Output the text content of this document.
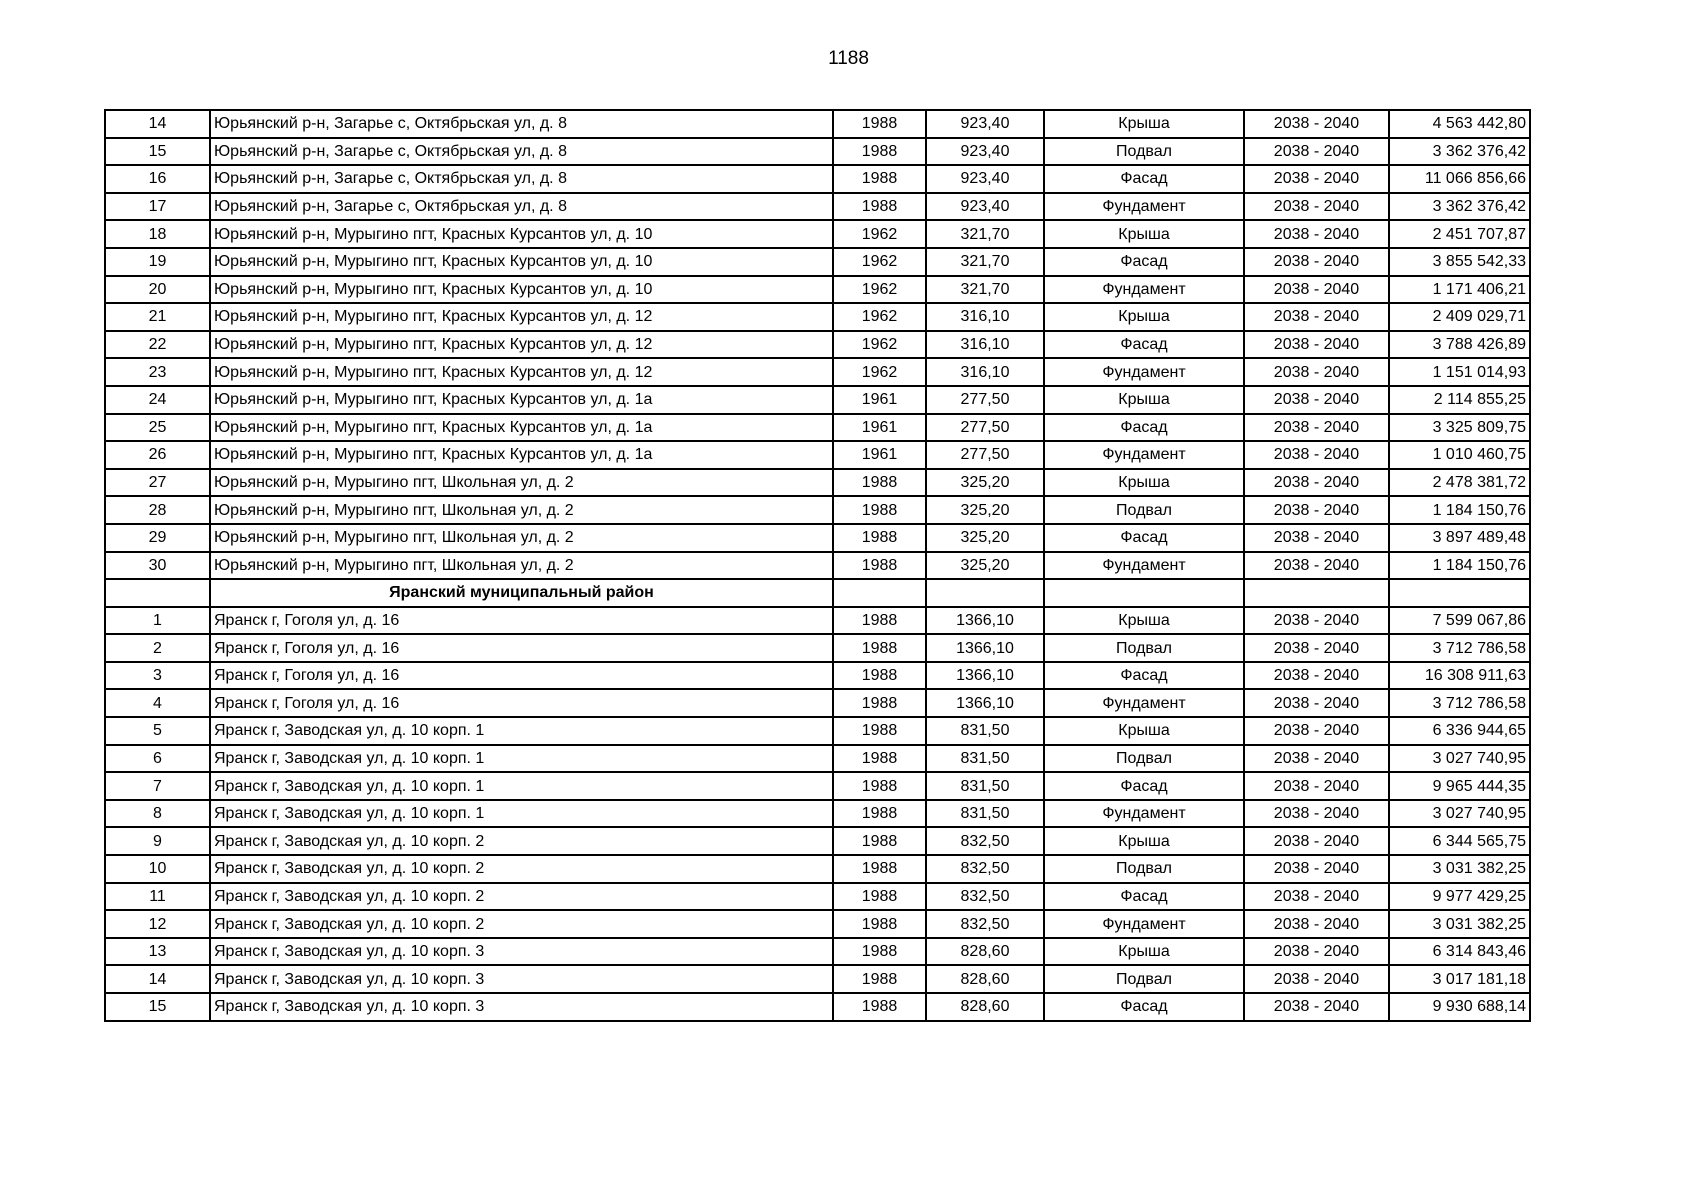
1188
14	Юрьянский р-н, Загарье с, Октябрьская ул, д. 8	1988	923,40	Крыша	2038 - 2040	4 563 442,80
15	Юрьянский р-н, Загарье с, Октябрьская ул, д. 8	1988	923,40	Подвал	2038 - 2040	3 362 376,42
16	Юрьянский р-н, Загарье с, Октябрьская ул, д. 8	1988	923,40	Фасад	2038 - 2040	11 066 856,66
17	Юрьянский р-н, Загарье с, Октябрьская ул, д. 8	1988	923,40	Фундамент	2038 - 2040	3 362 376,42
18	Юрьянский р-н, Мурыгино пгт, Красных Курсантов ул, д. 10	1962	321,70	Крыша	2038 - 2040	2 451 707,87
19	Юрьянский р-н, Мурыгино пгт, Красных Курсантов ул, д. 10	1962	321,70	Фасад	2038 - 2040	3 855 542,33
20	Юрьянский р-н, Мурыгино пгт, Красных Курсантов ул, д. 10	1962	321,70	Фундамент	2038 - 2040	1 171 406,21
21	Юрьянский р-н, Мурыгино пгт, Красных Курсантов ул, д. 12	1962	316,10	Крыша	2038 - 2040	2 409 029,71
22	Юрьянский р-н, Мурыгино пгт, Красных Курсантов ул, д. 12	1962	316,10	Фасад	2038 - 2040	3 788 426,89
23	Юрьянский р-н, Мурыгино пгт, Красных Курсантов ул, д. 12	1962	316,10	Фундамент	2038 - 2040	1 151 014,93
24	Юрьянский р-н, Мурыгино пгт, Красных Курсантов ул, д. 1а	1961	277,50	Крыша	2038 - 2040	2 114 855,25
25	Юрьянский р-н, Мурыгино пгт, Красных Курсантов ул, д. 1а	1961	277,50	Фасад	2038 - 2040	3 325 809,75
26	Юрьянский р-н, Мурыгино пгт, Красных Курсантов ул, д. 1а	1961	277,50	Фундамент	2038 - 2040	1 010 460,75
27	Юрьянский р-н, Мурыгино пгт, Школьная ул, д. 2	1988	325,20	Крыша	2038 - 2040	2 478 381,72
28	Юрьянский р-н, Мурыгино пгт, Школьная ул, д. 2	1988	325,20	Подвал	2038 - 2040	1 184 150,76
29	Юрьянский р-н, Мурыгино пгт, Школьная ул, д. 2	1988	325,20	Фасад	2038 - 2040	3 897 489,48
30	Юрьянский р-н, Мурыгино пгт, Школьная ул, д. 2	1988	325,20	Фундамент	2038 - 2040	1 184 150,76
	Яранский муниципальный район					
1	Яранск г, Гоголя ул, д. 16	1988	1366,10	Крыша	2038 - 2040	7 599 067,86
2	Яранск г, Гоголя ул, д. 16	1988	1366,10	Подвал	2038 - 2040	3 712 786,58
3	Яранск г, Гоголя ул, д. 16	1988	1366,10	Фасад	2038 - 2040	16 308 911,63
4	Яранск г, Гоголя ул, д. 16	1988	1366,10	Фундамент	2038 - 2040	3 712 786,58
5	Яранск г, Заводская ул, д. 10 корп. 1	1988	831,50	Крыша	2038 - 2040	6 336 944,65
6	Яранск г, Заводская ул, д. 10 корп. 1	1988	831,50	Подвал	2038 - 2040	3 027 740,95
7	Яранск г, Заводская ул, д. 10 корп. 1	1988	831,50	Фасад	2038 - 2040	9 965 444,35
8	Яранск г, Заводская ул, д. 10 корп. 1	1988	831,50	Фундамент	2038 - 2040	3 027 740,95
9	Яранск г, Заводская ул, д. 10 корп. 2	1988	832,50	Крыша	2038 - 2040	6 344 565,75
10	Яранск г, Заводская ул, д. 10 корп. 2	1988	832,50	Подвал	2038 - 2040	3 031 382,25
11	Яранск г, Заводская ул, д. 10 корп. 2	1988	832,50	Фасад	2038 - 2040	9 977 429,25
12	Яранск г, Заводская ул, д. 10 корп. 2	1988	832,50	Фундамент	2038 - 2040	3 031 382,25
13	Яранск г, Заводская ул, д. 10 корп. 3	1988	828,60	Крыша	2038 - 2040	6 314 843,46
14	Яранск г, Заводская ул, д. 10 корп. 3	1988	828,60	Подвал	2038 - 2040	3 017 181,18
15	Яранск г, Заводская ул, д. 10 корп. 3	1988	828,60	Фасад	2038 - 2040	9 930 688,14
